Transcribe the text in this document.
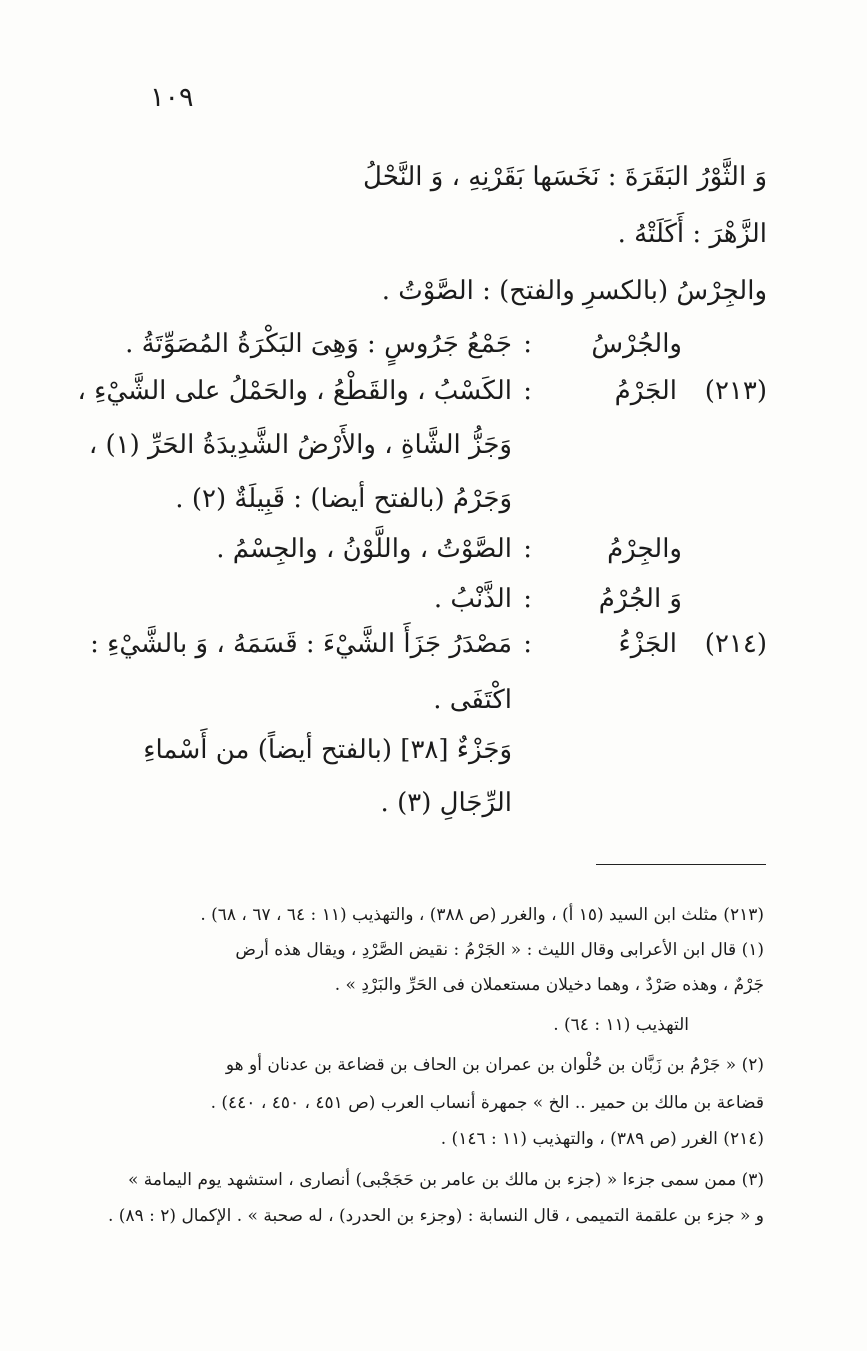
١٠٩
وَ الثَّوْرُ البَقَرَةَ : نَخَسَها بَقَرْنِهِ ، وَ النَّحْلُ
الزَّهْرَ : أَكَلَتْهُ .
والجِرْسُ (بالكسرِ والفتح) : الصَّوْتُ .
والجُرْسُ
:
جَمْعُ جَرُوسٍ : وَهِىَ البَكْرَةُ المُصَوِّتَةُ .
(٢١٣)
الجَرْمُ
:
الكَسْبُ ، والقَطْعُ ، والحَمْلُ على الشَّيْءِ ،
وَجَزُّ الشَّاةِ ، والأَرْضُ الشَّدِيدَةُ الحَرِّ (١) ،
وَجَرْمُ (بالفتح أيضا) : قَبِيلَةٌ (٢) .
والجِرْمُ
:
الصَّوْتُ ، واللَّوْنُ ، والجِسْمُ .
وَ الجُرْمُ
:
الذَّنْبُ .
(٢١٤)
الجَزْءُ
:
مَصْدَرُ جَزَأَ الشَّيْءَ : قَسَمَهُ ، وَ بالشَّيْءِ :
اكْتَفَى .
وَجَزْءٌ [٣٨] (بالفتح أيضاً) من أَسْماءِ
الرِّجَالِ (٣) .
(٢١٣) مثلث ابن السيد (١٥ أ) ، والغرر (ص ٣٨٨) ، والتهذيب (١١ : ٦٤ ، ٦٧ ، ٦٨) .
(١) قال ابن الأعرابى وقال الليث : « الجَرْمُ : نقيض الصَّرْدِ ، ويقال هذه أرض
جَرْمٌ ، وهذه صَرْدٌ ، وهما دخيلان مستعملان فى الحَرِّ والبَرْدِ » .
التهذيب (١١ : ٦٤) .
(٢) « جَرْمُ بن زَبَّان بن حُلْوان بن عمران بن الحاف بن قضاعة بن عدنان أو هو
قضاعة بن مالك بن حمير .. الخ » جمهرة أنساب العرب (ص ٤٥١ ، ٤٥٠ ، ٤٤٠) .
(٢١٤) الغرر (ص ٣٨٩) ، والتهذيب (١١ : ١٤٦) .
(٣) ممن سمى جزءا « (جزء بن مالك بن عامر بن حَجَجْبى) أنصارى ، استشهد يوم اليمامة »
و « جزء بن علقمة التميمى ، قال النسابة : (وجزء بن الحدرد) ، له صحبة » . الإكمال (٢ : ٨٩) .
